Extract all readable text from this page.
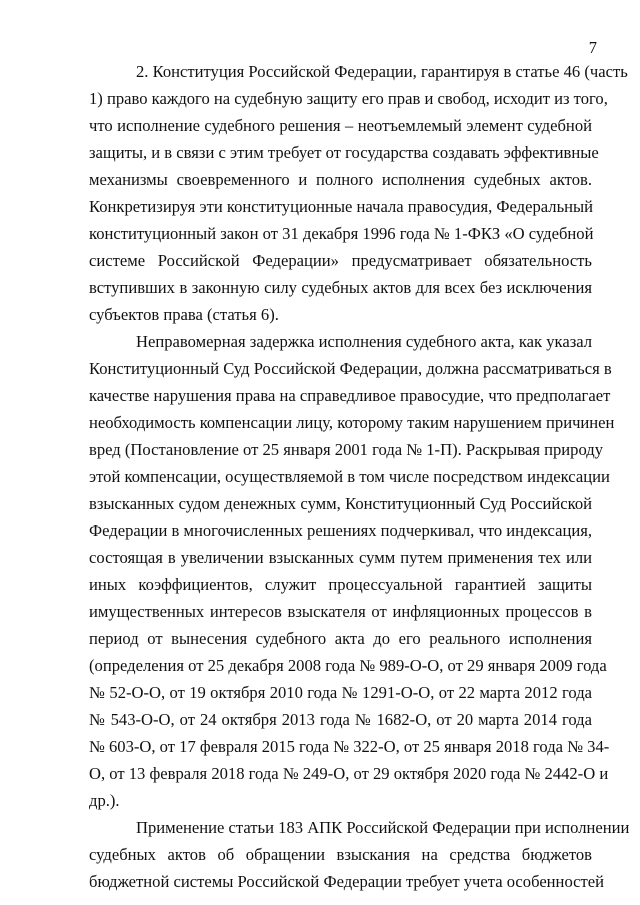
7
2. Конституция Российской Федерации, гарантируя в статье 46 (часть
1) право каждого на судебную защиту его прав и свобод, исходит из того,
что исполнение судебного решения – неотъемлемый элемент судебной
защиты, и в связи с этим требует от государства создавать эффективные
механизмы своевременного и полного исполнения судебных актов.
Конкретизируя эти конституционные начала правосудия, Федеральный
конституционный закон от 31 декабря 1996 года № 1-ФКЗ «О судебной
системе Российской Федерации» предусматривает обязательность
вступивших в законную силу судебных актов для всех без исключения
субъектов права (статья 6).
Неправомерная задержка исполнения судебного акта, как указал
Конституционный Суд Российской Федерации, должна рассматриваться в
качестве нарушения права на справедливое правосудие, что предполагает
необходимость компенсации лицу, которому таким нарушением причинен
вред (Постановление от 25 января 2001 года № 1-П). Раскрывая природу
этой компенсации, осуществляемой в том числе посредством индексации
взысканных судом денежных сумм, Конституционный Суд Российской
Федерации в многочисленных решениях подчеркивал, что индексация,
состоящая в увеличении взысканных сумм путем применения тех или
иных коэффициентов, служит процессуальной гарантией защиты
имущественных интересов взыскателя от инфляционных процессов в
период от вынесения судебного акта до его реального исполнения
(определения от 25 декабря 2008 года № 989-О-О, от 29 января 2009 года
№ 52-О-О, от 19 октября 2010 года № 1291-О-О, от 22 марта 2012 года
№ 543-О-О, от 24 октября 2013 года № 1682-О, от 20 марта 2014 года
№ 603-О, от 17 февраля 2015 года № 322-О, от 25 января 2018 года № 34-
О, от 13 февраля 2018 года № 249-О, от 29 октября 2020 года № 2442-О и
др.).
Применение статьи 183 АПК Российской Федерации при исполнении
судебных актов об обращении взыскания на средства бюджетов
бюджетной системы Российской Федерации требует учета особенностей
